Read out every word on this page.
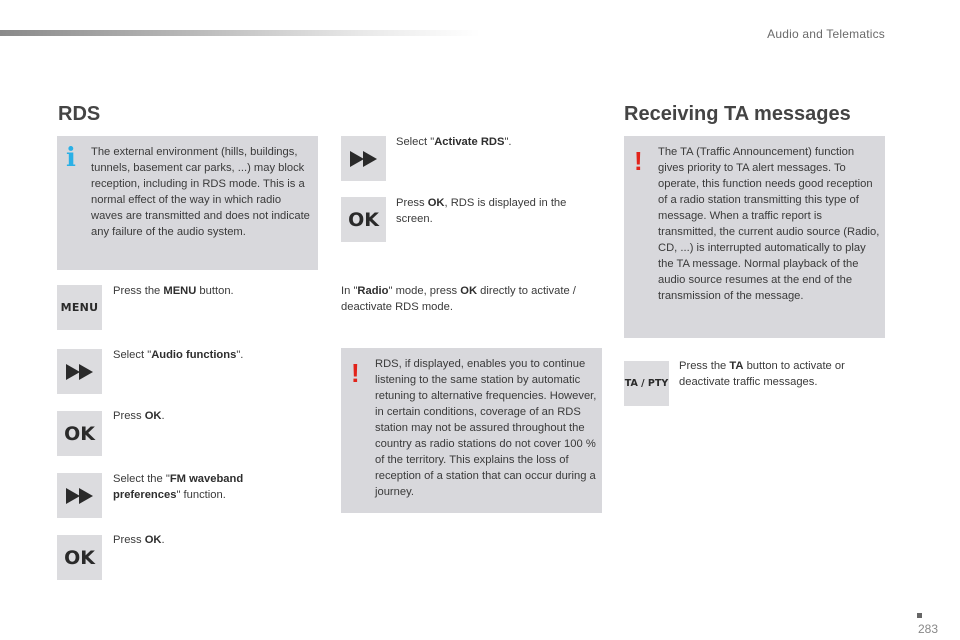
Audio and Telematics
RDS
i The external environment (hills, buildings, tunnels, basement car parks, ...) may block reception, including in RDS mode. This is a normal effect of the way in which radio waves are transmitted and does not indicate any failure of the audio system.
MENU
Press the MENU button.
Select "Audio functions".
OK
Press OK.
Select the "FM waveband preferences" function.
OK
Press OK.
Select "Activate RDS".
OK
Press OK, RDS is displayed in the screen.
In "Radio" mode, press OK directly to activate / deactivate RDS mode.
! RDS, if displayed, enables you to continue listening to the same station by automatic retuning to alternative frequencies. However, in certain conditions, coverage of an RDS station may not be assured throughout the country as radio stations do not cover 100 % of the territory. This explains the loss of reception of a station that can occur during a journey.
Receiving TA messages
! The TA (Traffic Announcement) function gives priority to TA alert messages. To operate, this function needs good reception of a radio station transmitting this type of message. When a traffic report is transmitted, the current audio source (Radio, CD, ...) is interrupted automatically to play the TA message. Normal playback of the audio source resumes at the end of the transmission of the message.
TA / PTY
Press the TA button to activate or deactivate traffic messages.
283
